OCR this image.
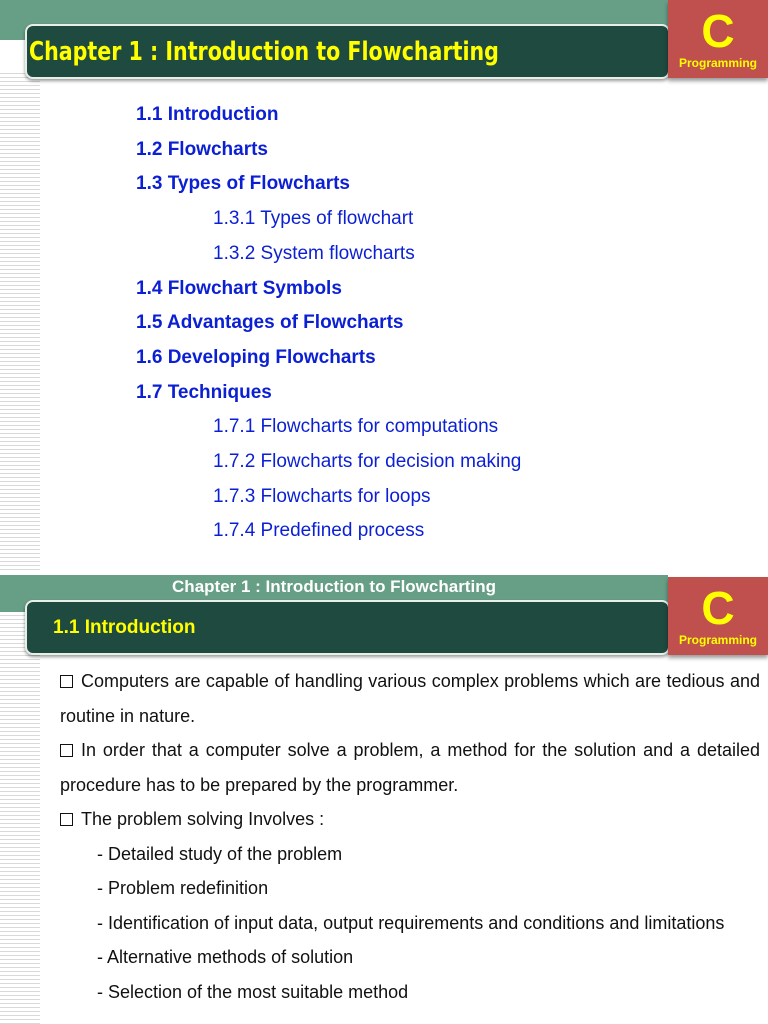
Chapter 1 : Introduction to Flowcharting	C
Programming
1.1 Introduction
1.2 Flowcharts
1.3 Types of Flowcharts
1.3.1 Types of flowchart
1.3.2 System flowcharts
1.4 Flowchart Symbols
1.5 Advantages of Flowcharts
1.6 Developing Flowcharts
1.7 Techniques
1.7.1 Flowcharts for computations
1.7.2 Flowcharts for decision making
1.7.3 Flowcharts for loops
1.7.4 Predefined process
Chapter 1 : Introduction to Flowcharting
1.1 Introduction	C
Programming

Computers are capable of handling various complex problems which are tedious and routine in nature.

In order that a computer solve a problem, a method for the solution and a detailed procedure has to be prepared by the programmer.

The problem solving Involves :

- Detailed study of the problem

- Problem redefinition

- Identification of input data, output requirements and conditions and limitations

- Alternative methods of solution

- Selection of the most suitable method
